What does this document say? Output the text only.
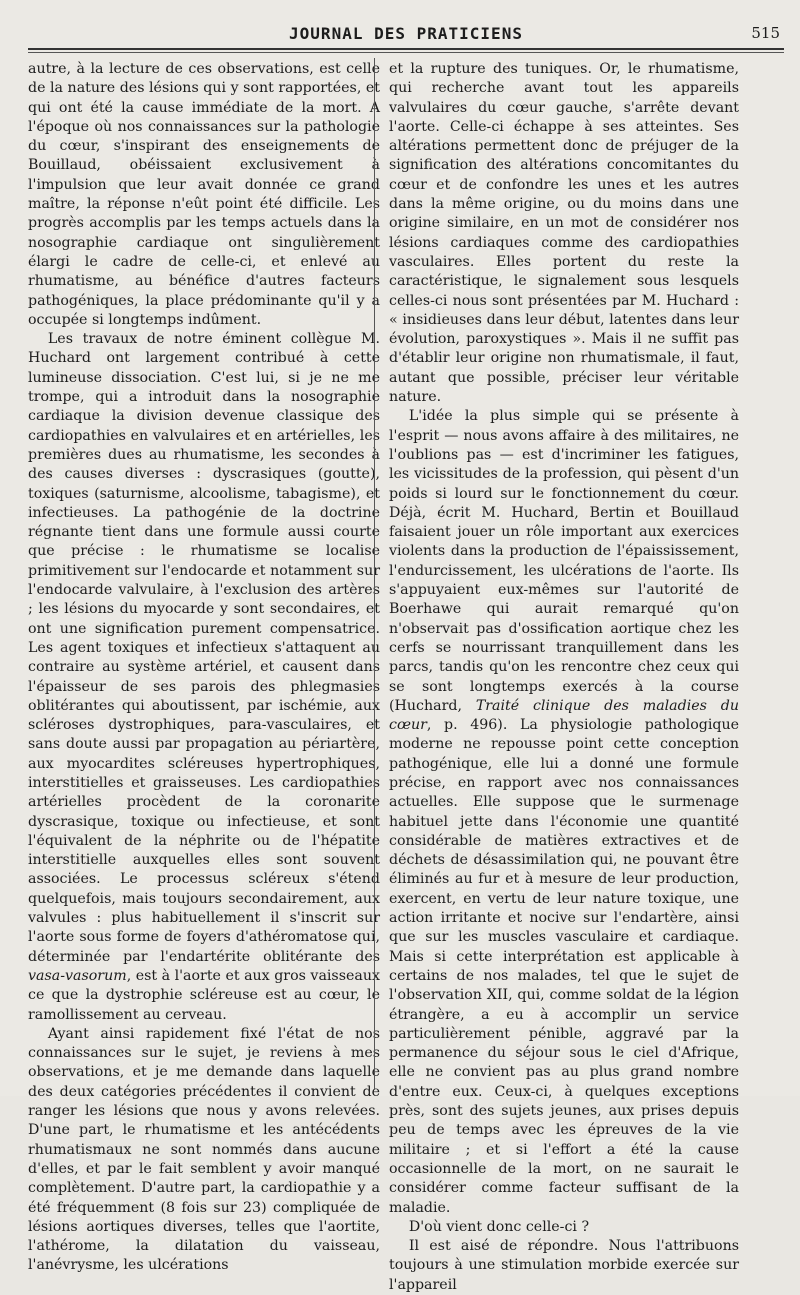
JOURNAL DES PRATICIENS	515

autre, à la lecture de ces observations, est celle de la nature des lésions qui y sont rapportées, et qui ont été la cause immédiate de la mort. A l'époque où nos connaissances sur la pathologie du cœur, s'inspirant des enseignements de Bouillaud, obéissaient exclusivement à l'impulsion que leur avait donnée ce grand maître, la réponse n'eût point été difficile. Les progrès accomplis par les temps actuels dans la nosographie cardiaque ont singulièrement élargi le cadre de celle-ci, et enlevé au rhumatisme, au bénéfice d'autres facteurs pathogéniques, la place prédominante qu'il y a occupée si longtemps indûment.

Les travaux de notre éminent collègue M. Huchard ont largement contribué à cette lumineuse dissociation. C'est lui, si je ne me trompe, qui a introduit dans la nosographie cardiaque la division devenue classique des cardiopathies en valvulaires et en artérielles, les premières dues au rhumatisme, les secondes à des causes diverses : dyscrasiques (goutte), toxiques (saturnisme, alcoolisme, tabagisme), et infectieuses. La pathogénie de la doctrine régnante tient dans une formule aussi courte que précise : le rhumatisme se localise primitivement sur l'endocarde et notamment sur l'endocarde valvulaire, à l'exclusion des artères ; les lésions du myocarde y sont secondaires, et ont une signification purement compensatrice. Les agent toxiques et infectieux s'attaquent au contraire au système artériel, et causent dans l'épaisseur de ses parois des phlegmasies oblitérantes qui aboutissent, par ischémie, aux scléroses dystrophiques, para-vasculaires, et sans doute aussi par propagation au périartère, aux myocardites scléreuses hypertrophiques, interstitielles et graisseuses. Les cardiopathies artérielles procèdent de la coronarite dyscrasique, toxique ou infectieuse, et sont l'équivalent de la néphrite ou de l'hépatite interstitielle auxquelles elles sont souvent associées. Le processus scléreux s'étend quelquefois, mais toujours secondairement, aux valvules : plus habituellement il s'inscrit sur l'aorte sous forme de foyers d'athéromatose qui, déterminée par l'endartérite oblitérante des vasa-vasorum, est à l'aorte et aux gros vaisseaux ce que la dystrophie scléreuse est au cœur, le ramollissement au cerveau.

Ayant ainsi rapidement fixé l'état de nos connaissances sur le sujet, je reviens à mes observations, et je me demande dans laquelle des deux catégories précédentes il convient de ranger les lésions que nous y avons relevées. D'une part, le rhumatisme et les antécédents rhumatismaux ne sont nommés dans aucune d'elles, et par le fait semblent y avoir manqué complètement. D'autre part, la cardiopathie y a été fréquemment (8 fois sur 23) compliquée de lésions aortiques diverses, telles que l'aortite, l'athérome, la dilatation du vaisseau, l'anévrysme, les ulcérations

et la rupture des tuniques. Or, le rhumatisme, qui recherche avant tout les appareils valvulaires du cœur gauche, s'arrête devant l'aorte. Celle-ci échappe à ses atteintes. Ses altérations permettent donc de préjuger de la signification des altérations concomitantes du cœur et de confondre les unes et les autres dans la même origine, ou du moins dans une origine similaire, en un mot de considérer nos lésions cardiaques comme des cardiopathies vasculaires. Elles portent du reste la caractéristique, le signalement sous lesquels celles-ci nous sont présentées par M. Huchard : « insidieuses dans leur début, latentes dans leur évolution, paroxystiques ». Mais il ne suffit pas d'établir leur origine non rhumatismale, il faut, autant que possible, préciser leur véritable nature.

L'idée la plus simple qui se présente à l'esprit — nous avons affaire à des militaires, ne l'oublions pas — est d'incriminer les fatigues, les vicissitudes de la profession, qui pèsent d'un poids si lourd sur le fonctionnement du cœur. Déjà, écrit M. Huchard, Bertin et Bouillaud faisaient jouer un rôle important aux exercices violents dans la production de l'épaississement, l'endurcissement, les ulcérations de l'aorte. Ils s'appuyaient eux-mêmes sur l'autorité de Boerhawe qui aurait remarqué qu'on n'observait pas d'ossification aortique chez les cerfs se nourrissant tranquillement dans les parcs, tandis qu'on les rencontre chez ceux qui se sont longtemps exercés à la course (Huchard, Traité clinique des maladies du cœur, p. 496). La physiologie pathologique moderne ne repousse point cette conception pathogénique, elle lui a donné une formule précise, en rapport avec nos connaissances actuelles. Elle suppose que le surmenage habituel jette dans l'économie une quantité considérable de matières extractives et de déchets de désassimilation qui, ne pouvant être éliminés au fur et à mesure de leur production, exercent, en vertu de leur nature toxique, une action irritante et nocive sur l'endartère, ainsi que sur les muscles vasculaire et cardiaque. Mais si cette interprétation est applicable à certains de nos malades, tel que le sujet de l'observation XII, qui, comme soldat de la légion étrangère, a eu à accomplir un service particulièrement pénible, aggravé par la permanence du séjour sous le ciel d'Afrique, elle ne convient pas au plus grand nombre d'entre eux. Ceux-ci, à quelques exceptions près, sont des sujets jeunes, aux prises depuis peu de temps avec les épreuves de la vie militaire ; et si l'effort a été la cause occasionnelle de la mort, on ne saurait le considérer comme facteur suffisant de la maladie.

D'où vient donc celle-ci ?

Il est aisé de répondre. Nous l'attribuons toujours à une stimulation morbide exercée sur l'appareil
